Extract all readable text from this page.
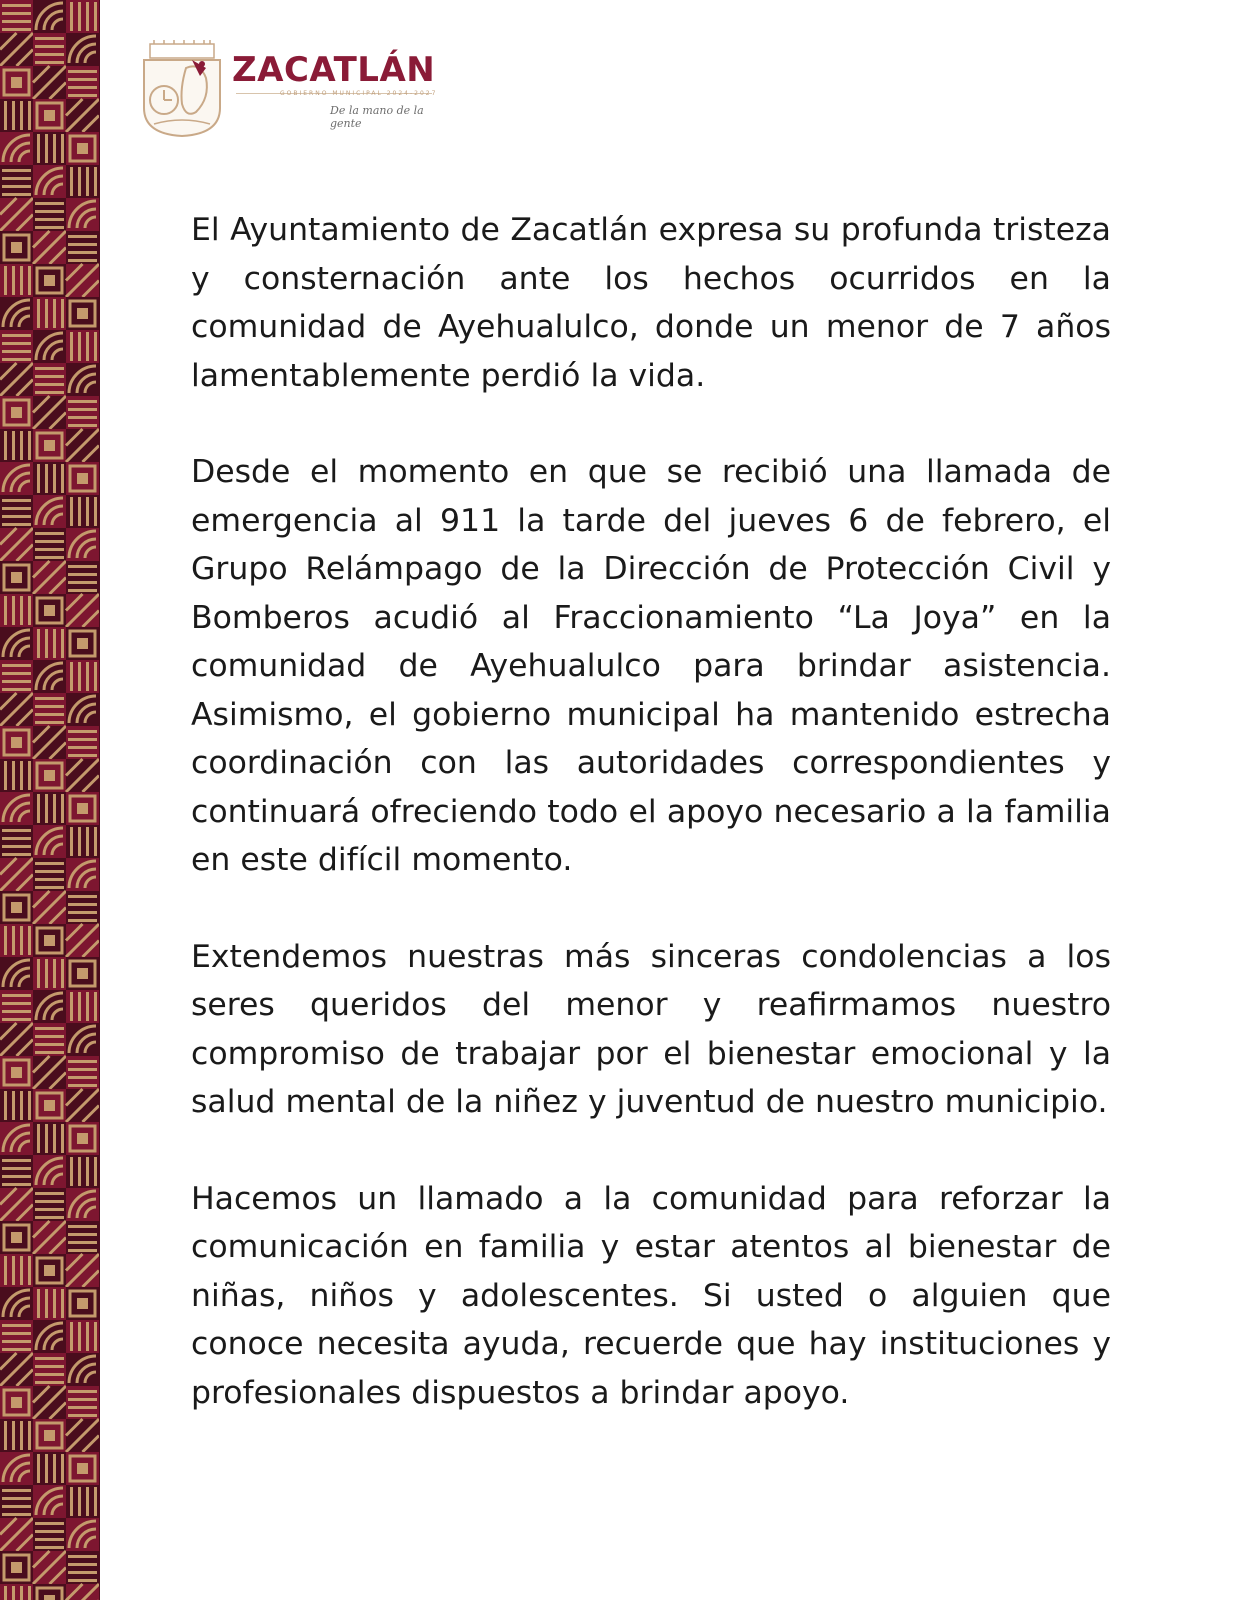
ZACATLÁN
GOBIERNO MUNICIPAL 2024-2027
De la mano de la gente

El Ayuntamiento de Zacatlán expresa su profunda tristeza y consternación ante los hechos ocurridos en la comunidad de Ayehualulco, donde un menor de 7 años lamentablemente perdió la vida.

Desde el momento en que se recibió una llamada de emergencia al 911 la tarde del jueves 6 de febrero, el Grupo Relámpago de la Dirección de Protección Civil y Bomberos acudió al Fraccionamiento “La Joya” en la comunidad de Ayehualulco para brindar asistencia. Asimismo, el gobierno municipal ha mantenido estrecha coordinación con las autoridades correspondientes y continuará ofreciendo todo el apoyo necesario a la familia en este difícil momento.

Extendemos nuestras más sinceras condolencias a los seres queridos del menor y reafirmamos nuestro compromiso de trabajar por el bienestar emocional y la salud mental de la niñez y juventud de nuestro municipio.

Hacemos un llamado a la comunidad para reforzar la comunicación en familia y estar atentos al bienestar de niñas, niños y adolescentes. Si usted o alguien que conoce necesita ayuda, recuerde que hay instituciones y profesionales dispuestos a brindar apoyo.
